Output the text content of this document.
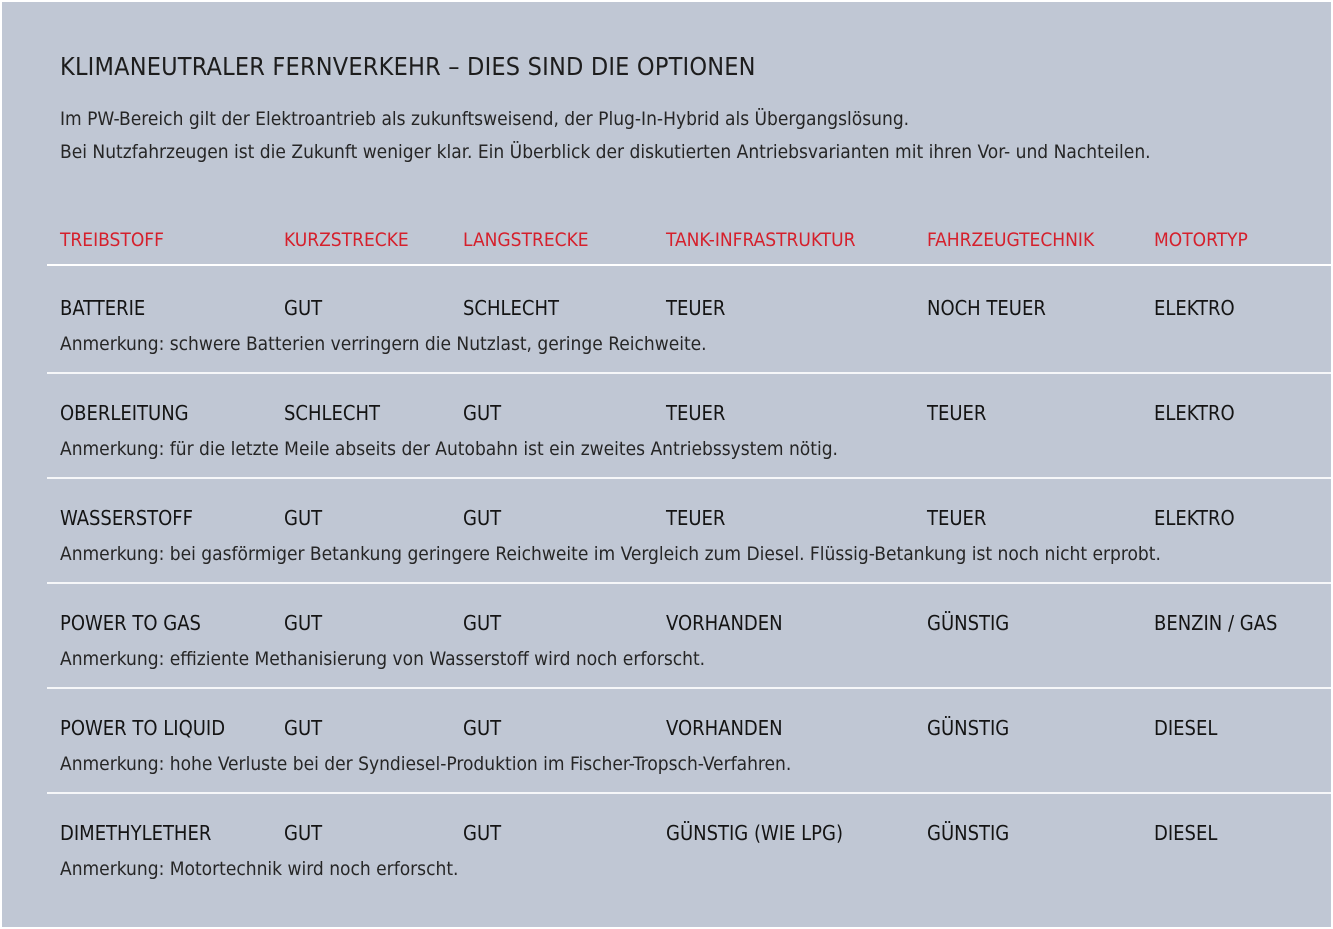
KLIMANEUTRALER FERNVERKEHR – DIES SIND DIE OPTIONEN

Im PW-Bereich gilt der Elektroantrieb als zukunftsweisend, der Plug-In-Hybrid als Übergangslösung.

Bei Nutzfahrzeugen ist die Zukunft weniger klar. Ein Überblick der diskutierten Antriebsvarianten mit ihren Vor- und Nachteilen.

TREIBSTOFF	KURZSTRECKE	LANGSTRECKE	TANK-INFRASTRUKTUR	FAHRZEUGTECHNIK	MOTORTYP
BATTERIE	GUT	SCHLECHT	TEUER	NOCH TEUER	ELEKTRO
Anmerkung: schwere Batterien verringern die Nutzlast, geringe Reichweite.
OBERLEITUNG	SCHLECHT	GUT	TEUER	TEUER	ELEKTRO
Anmerkung: für die letzte Meile abseits der Autobahn ist ein zweites Antriebssystem nötig.
WASSERSTOFF	GUT	GUT	TEUER	TEUER	ELEKTRO
Anmerkung: bei gasförmiger Betankung geringere Reichweite im Vergleich zum Diesel. Flüssig-Betankung ist noch nicht erprobt.
POWER TO GAS	GUT	GUT	VORHANDEN	GÜNSTIG	BENZIN / GAS
Anmerkung: effiziente Methanisierung von Wasserstoff wird noch erforscht.
POWER TO LIQUID	GUT	GUT	VORHANDEN	GÜNSTIG	DIESEL
Anmerkung: hohe Verluste bei der Syndiesel-Produktion im Fischer-Tropsch-Verfahren.
DIMETHYLETHER	GUT	GUT	GÜNSTIG (WIE LPG)	GÜNSTIG	DIESEL
Anmerkung: Motortechnik wird noch erforscht.
